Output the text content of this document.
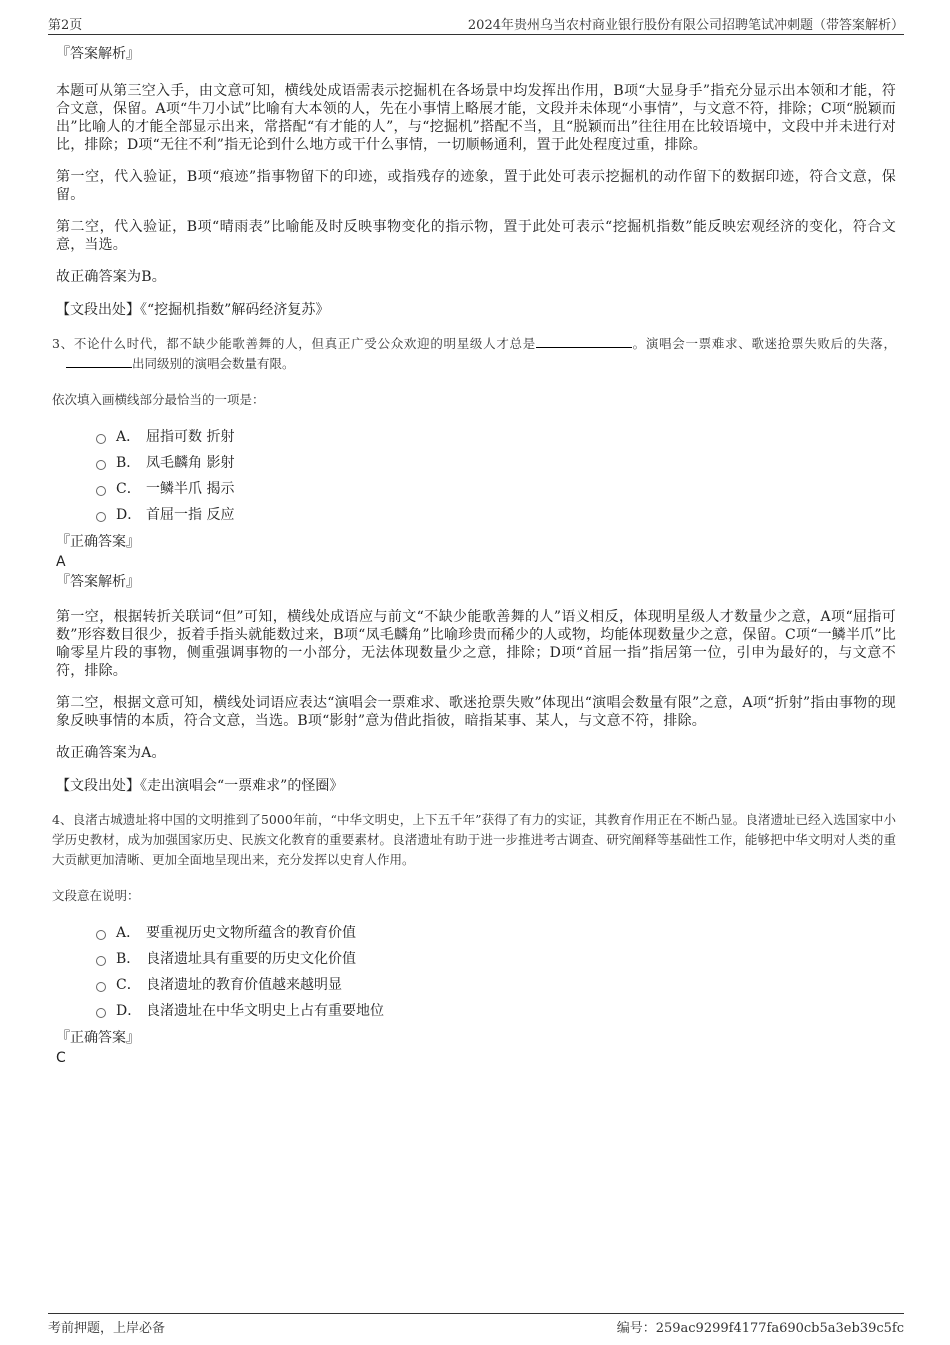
第2页	2024年贵州乌当农村商业银行股份有限公司招聘笔试冲刺题（带答案解析）

『答案解析』

本题可从第三空入手，由文意可知，横线处成语需表示挖掘机在各场景中均发挥出作用，B项“大显身手”指充分显示出本领和才能，符合文意，保留。A项“牛刀小试”比喻有大本领的人，先在小事情上略展才能，文段并未体现“小事情”，与文意不符，排除；C项“脱颖而出”比喻人的才能全部显示出来，常搭配“有才能的人”，与“挖掘机”搭配不当，且“脱颖而出”往往用在比较语境中，文段中并未进行对比，排除；D项“无往不利”指无论到什么地方或干什么事情，一切顺畅通利，置于此处程度过重，排除。

第一空，代入验证，B项“痕迹”指事物留下的印迹，或指残存的迹象，置于此处可表示挖掘机的动作留下的数据印迹，符合文意，保留。

第二空，代入验证，B项“晴雨表”比喻能及时反映事物变化的指示物，置于此处可表示“挖掘机指数”能反映宏观经济的变化，符合文意，当选。

故正确答案为B。

【文段出处】《“挖掘机指数”解码经济复苏》

3、不论什么时代，都不缺少能歌善舞的人，但真正广受公众欢迎的明星级人才总是	。演唱会一票难求、歌迷抢票失败后的失落，出同级别的演唱会数量有限。

依次填入画横线部分最恰当的一项是：

A． 屈指可数 折射
B． 凤毛麟角 影射
C． 一鳞半爪 揭示
D． 首屈一指 反应

『正确答案』

A

『答案解析』

第一空，根据转折关联词“但”可知，横线处成语应与前文“不缺少能歌善舞的人”语义相反，体现明星级人才数量少之意，A项“屈指可数”形容数目很少，扳着手指头就能数过来，B项“凤毛麟角”比喻珍贵而稀少的人或物，均能体现数量少之意，保留。C项“一鳞半爪”比喻零星片段的事物，侧重强调事物的一小部分，无法体现数量少之意，排除；D项“首屈一指”指居第一位，引申为最好的，与文意不符，排除。

第二空，根据文意可知，横线处词语应表达“演唱会一票难求、歌迷抢票失败”体现出“演唱会数量有限”之意，A项“折射”指由事物的现象反映事情的本质，符合文意，当选。B项“影射”意为借此指彼，暗指某事、某人，与文意不符，排除。

故正确答案为A。

【文段出处】《走出演唱会“一票难求”的怪圈》

4、良渚古城遗址将中国的文明推到了5000年前，“中华文明史，上下五千年”获得了有力的实证，其教育作用正在不断凸显。良渚遗址已经入选国家中小学历史教材，成为加强国家历史、民族文化教育的重要素材。良渚遗址有助于进一步推进考古调查、研究阐释等基础性工作，能够把中华文明对人类的重大贡献更加清晰、更加全面地呈现出来，充分发挥以史育人作用。

文段意在说明：

A． 要重视历史文物所蕴含的教育价值
B． 良渚遗址具有重要的历史文化价值
C． 良渚遗址的教育价值越来越明显
D． 良渚遗址在中华文明史上占有重要地位

『正确答案』

C

考前押题，上岸必备	编号：259ac9299f4177fa690cb5a3eb39c5fc
